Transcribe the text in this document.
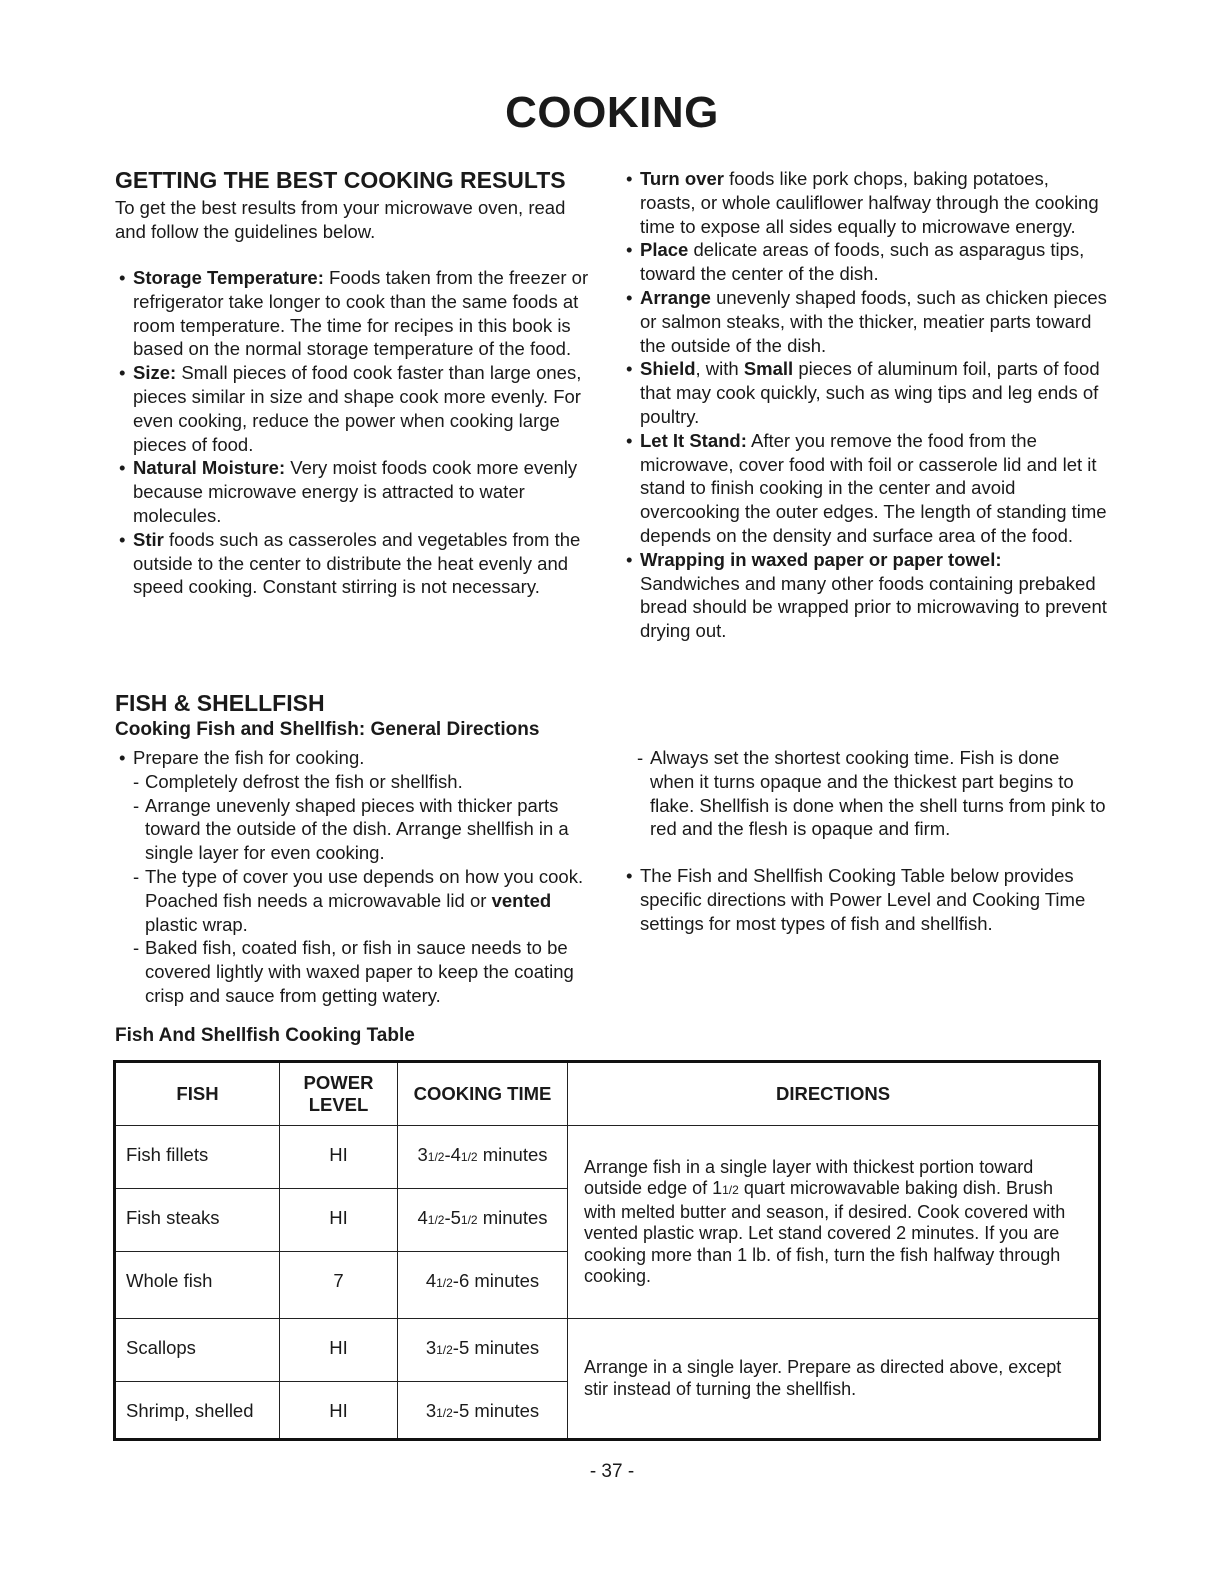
COOKING
GETTING THE BEST COOKING RESULTS
To get the best results from your microwave oven, read and follow the guidelines below.

• Storage Temperature: Foods taken from the freezer or refrigerator take longer to cook than the same foods at room temperature. The time for recipes in this book is based on the normal storage temperature of the food.

• Size: Small pieces of food cook faster than large ones, pieces similar in size and shape cook more evenly. For even cooking, reduce the power when cooking large pieces of food.

• Natural Moisture: Very moist foods cook more evenly because microwave energy is attracted to water molecules.

• Stir foods such as casseroles and vegetables from the outside to the center to distribute the heat evenly and speed cooking. Constant stirring is not necessary.

• Turn over foods like pork chops, baking potatoes, roasts, or whole cauliflower halfway through the cooking time to expose all sides equally to microwave energy.

• Place delicate areas of foods, such as asparagus tips, toward the center of the dish.

• Arrange unevenly shaped foods, such as chicken pieces or salmon steaks, with the thicker, meatier parts toward the outside of the dish.

• Shield, with Small pieces of aluminum foil, parts of food that may cook quickly, such as wing tips and leg ends of poultry.

• Let It Stand: After you remove the food from the microwave, cover food with foil or casserole lid and let it stand to finish cooking in the center and avoid overcooking the outer edges. The length of standing time depends on the density and surface area of the food.

• Wrapping in waxed paper or paper towel:
Sandwiches and many other foods containing prebaked bread should be wrapped prior to microwaving to prevent drying out.

FISH & SHELLFISH
Cooking Fish and Shellfish: General Directions

• Prepare the fish for cooking.

- Completely defrost the fish or shellfish.

- Arrange unevenly shaped pieces with thicker parts toward the outside of the dish. Arrange shellfish in a single layer for even cooking.

- The type of cover you use depends on how you cook. Poached fish needs a microwavable lid or vented plastic wrap.

- Baked fish, coated fish, or fish in sauce needs to be covered lightly with waxed paper to keep the coating crisp and sauce from getting watery.

- Always set the shortest cooking time. Fish is done when it turns opaque and the thickest part begins to flake. Shellfish is done when the shell turns from pink to red and the flesh is opaque and firm.

• The Fish and Shellfish Cooking Table below provides specific directions with Power Level and Cooking Time settings for most types of fish and shellfish.

Fish And Shellfish Cooking Table
FISH	POWER LEVEL	COOKING TIME	DIRECTIONS
Fish fillets	HI	31/2-41/2 minutes	Arrange fish in a single layer with thickest portion toward outside edge of 11/2 quart microwavable baking dish. Brush with melted butter and season, if desired. Cook covered with vented plastic wrap. Let stand covered 2 minutes. If you are cooking more than 1 lb. of fish, turn the fish halfway through cooking.
Fish steaks	HI	41/2-51/2 minutes	
Whole fish	7	41/2-6 minutes	
Scallops	HI	31/2-5 minutes	Arrange in a single layer. Prepare as directed above, except stir instead of turning the shellfish.
Shrimp, shelled	HI	31/2-5 minutes	
- 37 -
